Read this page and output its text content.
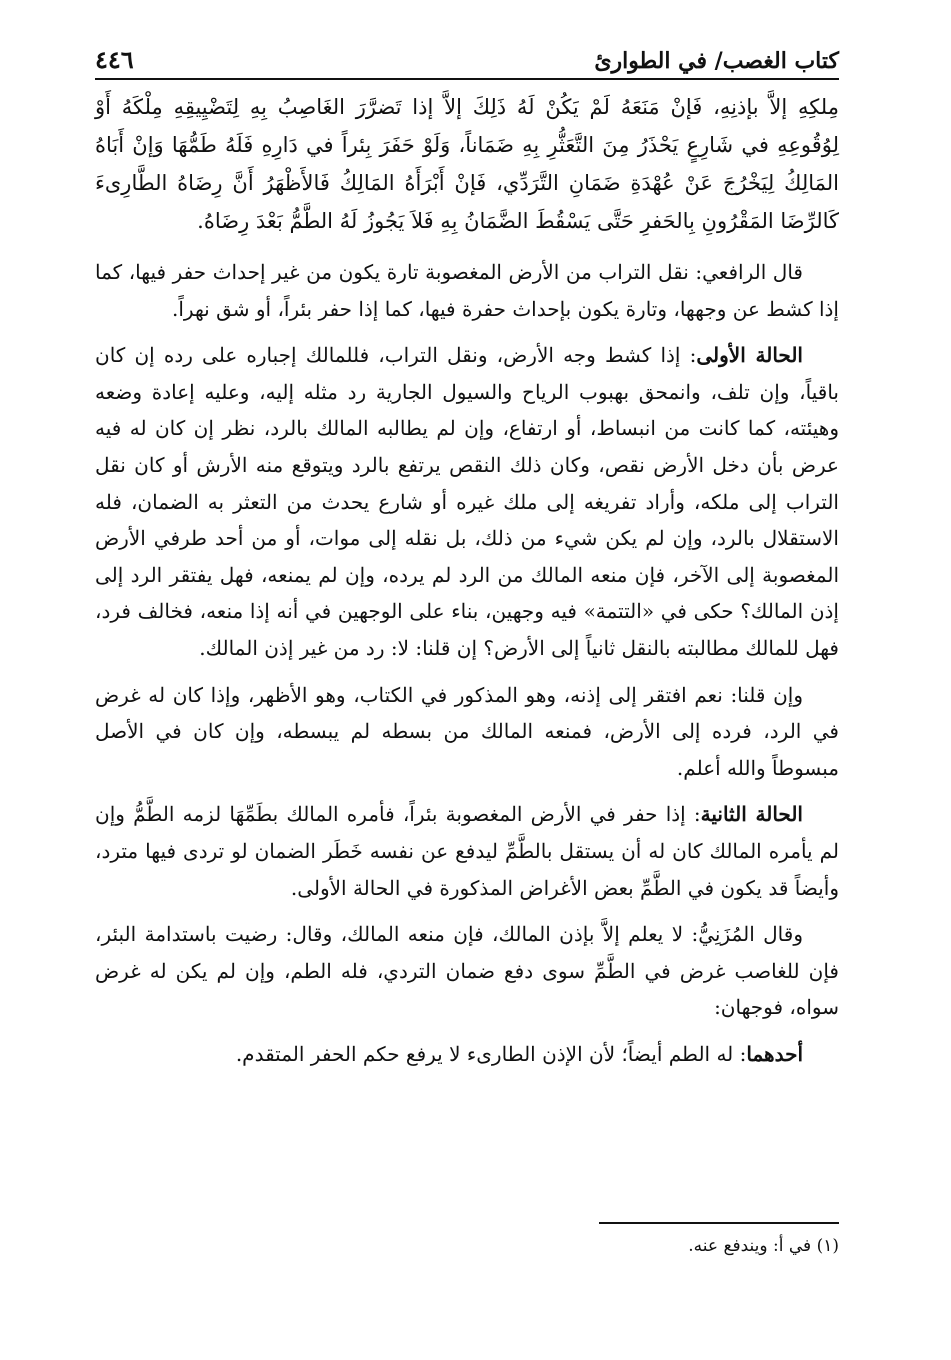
كتاب الغصب/ في الطوارئ
٤٤٦

مِلكِهِ إلاَّ بإذنِهِ، فَإنْ مَنَعَهُ لَمْ يَكُنْ لَهُ ذَلِكَ إلاَّ إذا تَضرَّرَ الغَاصِبُ بِهِ لِتَضْيِيقِهِ مِلْكَهُ أَوْ لِوُقُوعِهِ في شَارِعٍ يَحْذَرُ مِنَ التَّعَثُّرِ بِهِ ضَمَاناً، وَلَوْ حَفَرَ بِئراً في دَارِهِ فَلَهُ طَمُّهَا وَإنْ أَبَاهُ المَالِكُ لِيَخْرُجَ عَنْ عُهْدَةِ ضَمَانِ التَّرَدِّي، فَإنْ أَبْرَأَهُ المَالِكُ فَالأَظْهَرُ أَنَّ رِضَاهُ الطَّارِىءَ كَالرِّضَا المَقْرُونِ بِالحَفرِ حَتَّى يَسْقُطَ الضَّمَانُ بِهِ فَلاَ يَجُوزُ لَهُ الطَّمُّ بَعْدَ رِضَاهُ.

قال الرافعي: نقل التراب من الأرض المغصوبة تارة يكون من غير إحداث حفر فيها، كما إذا كشط عن وجهها، وتارة يكون بإحداث حفرة فيها، كما إذا حفر بئراً، أو شق نهراً.

الحالة الأولى: إذا كشط وجه الأرض، ونقل التراب، فللمالك إجباره على رده إن كان باقياً، وإن تلف، وانمحق بهبوب الرياح والسيول الجارية رد مثله إليه، وعليه إعادة وضعه وهيئته، كما كانت من انبساط، أو ارتفاع، وإن لم يطالبه المالك بالرد، نظر إن كان له فيه عرض بأن دخل الأرض نقص، وكان ذلك النقص يرتفع بالرد ويتوقع منه الأرش أو كان نقل التراب إلى ملكه، وأراد تفريغه إلى ملك غيره أو شارع يحدث من التعثر به الضمان، فله الاستقلال بالرد، وإن لم يكن شيء من ذلك، بل نقله إلى موات، أو من أحد طرفي الأرض المغصوبة إلى الآخر، فإن منعه المالك من الرد لم يرده، وإن لم يمنعه، فهل يفتقر الرد إلى إذن المالك؟ حكى في «التتمة» فيه وجهين، بناء على الوجهين في أنه إذا منعه، فخالف فرد، فهل للمالك مطالبته بالنقل ثانياً إلى الأرض؟ إن قلنا: لا: رد من غير إذن المالك.

وإن قلنا: نعم افتقر إلى إذنه، وهو المذكور في الكتاب، وهو الأظهر، وإذا كان له غرض في الرد، فرده إلى الأرض، فمنعه المالك من بسطه لم يبسطه، وإن كان في الأصل مبسوطاً والله أعلم.

الحالة الثانية: إذا حفر في الأرض المغصوبة بئراً، فأمره المالك بطَمِّهَا لزمه الطَّمُّ وإن لم يأمره المالك كان له أن يستقل بالطَّمِّ ليدفع عن نفسه خَطَر الضمان لو تردى فيها مترد، وأيضاً قد يكون في الطَّمِّ بعض الأغراض المذكورة في الحالة الأولى.

وقال المُزَنِيُّ: لا يعلم إلاَّ بإذن المالك، فإن منعه المالك، وقال: رضيت باستدامة البئر، فإن للغاصب غرض في الطَّمِّ سوى دفع ضمان التردي، فله الطم، وإن لم يكن له غرض سواه، فوجهان:

أحدهما: له الطم أيضاً؛ لأن الإذن الطارىء لا يرفع حكم الحفر المتقدم.

(١) في أ: ويندفع عنه.
